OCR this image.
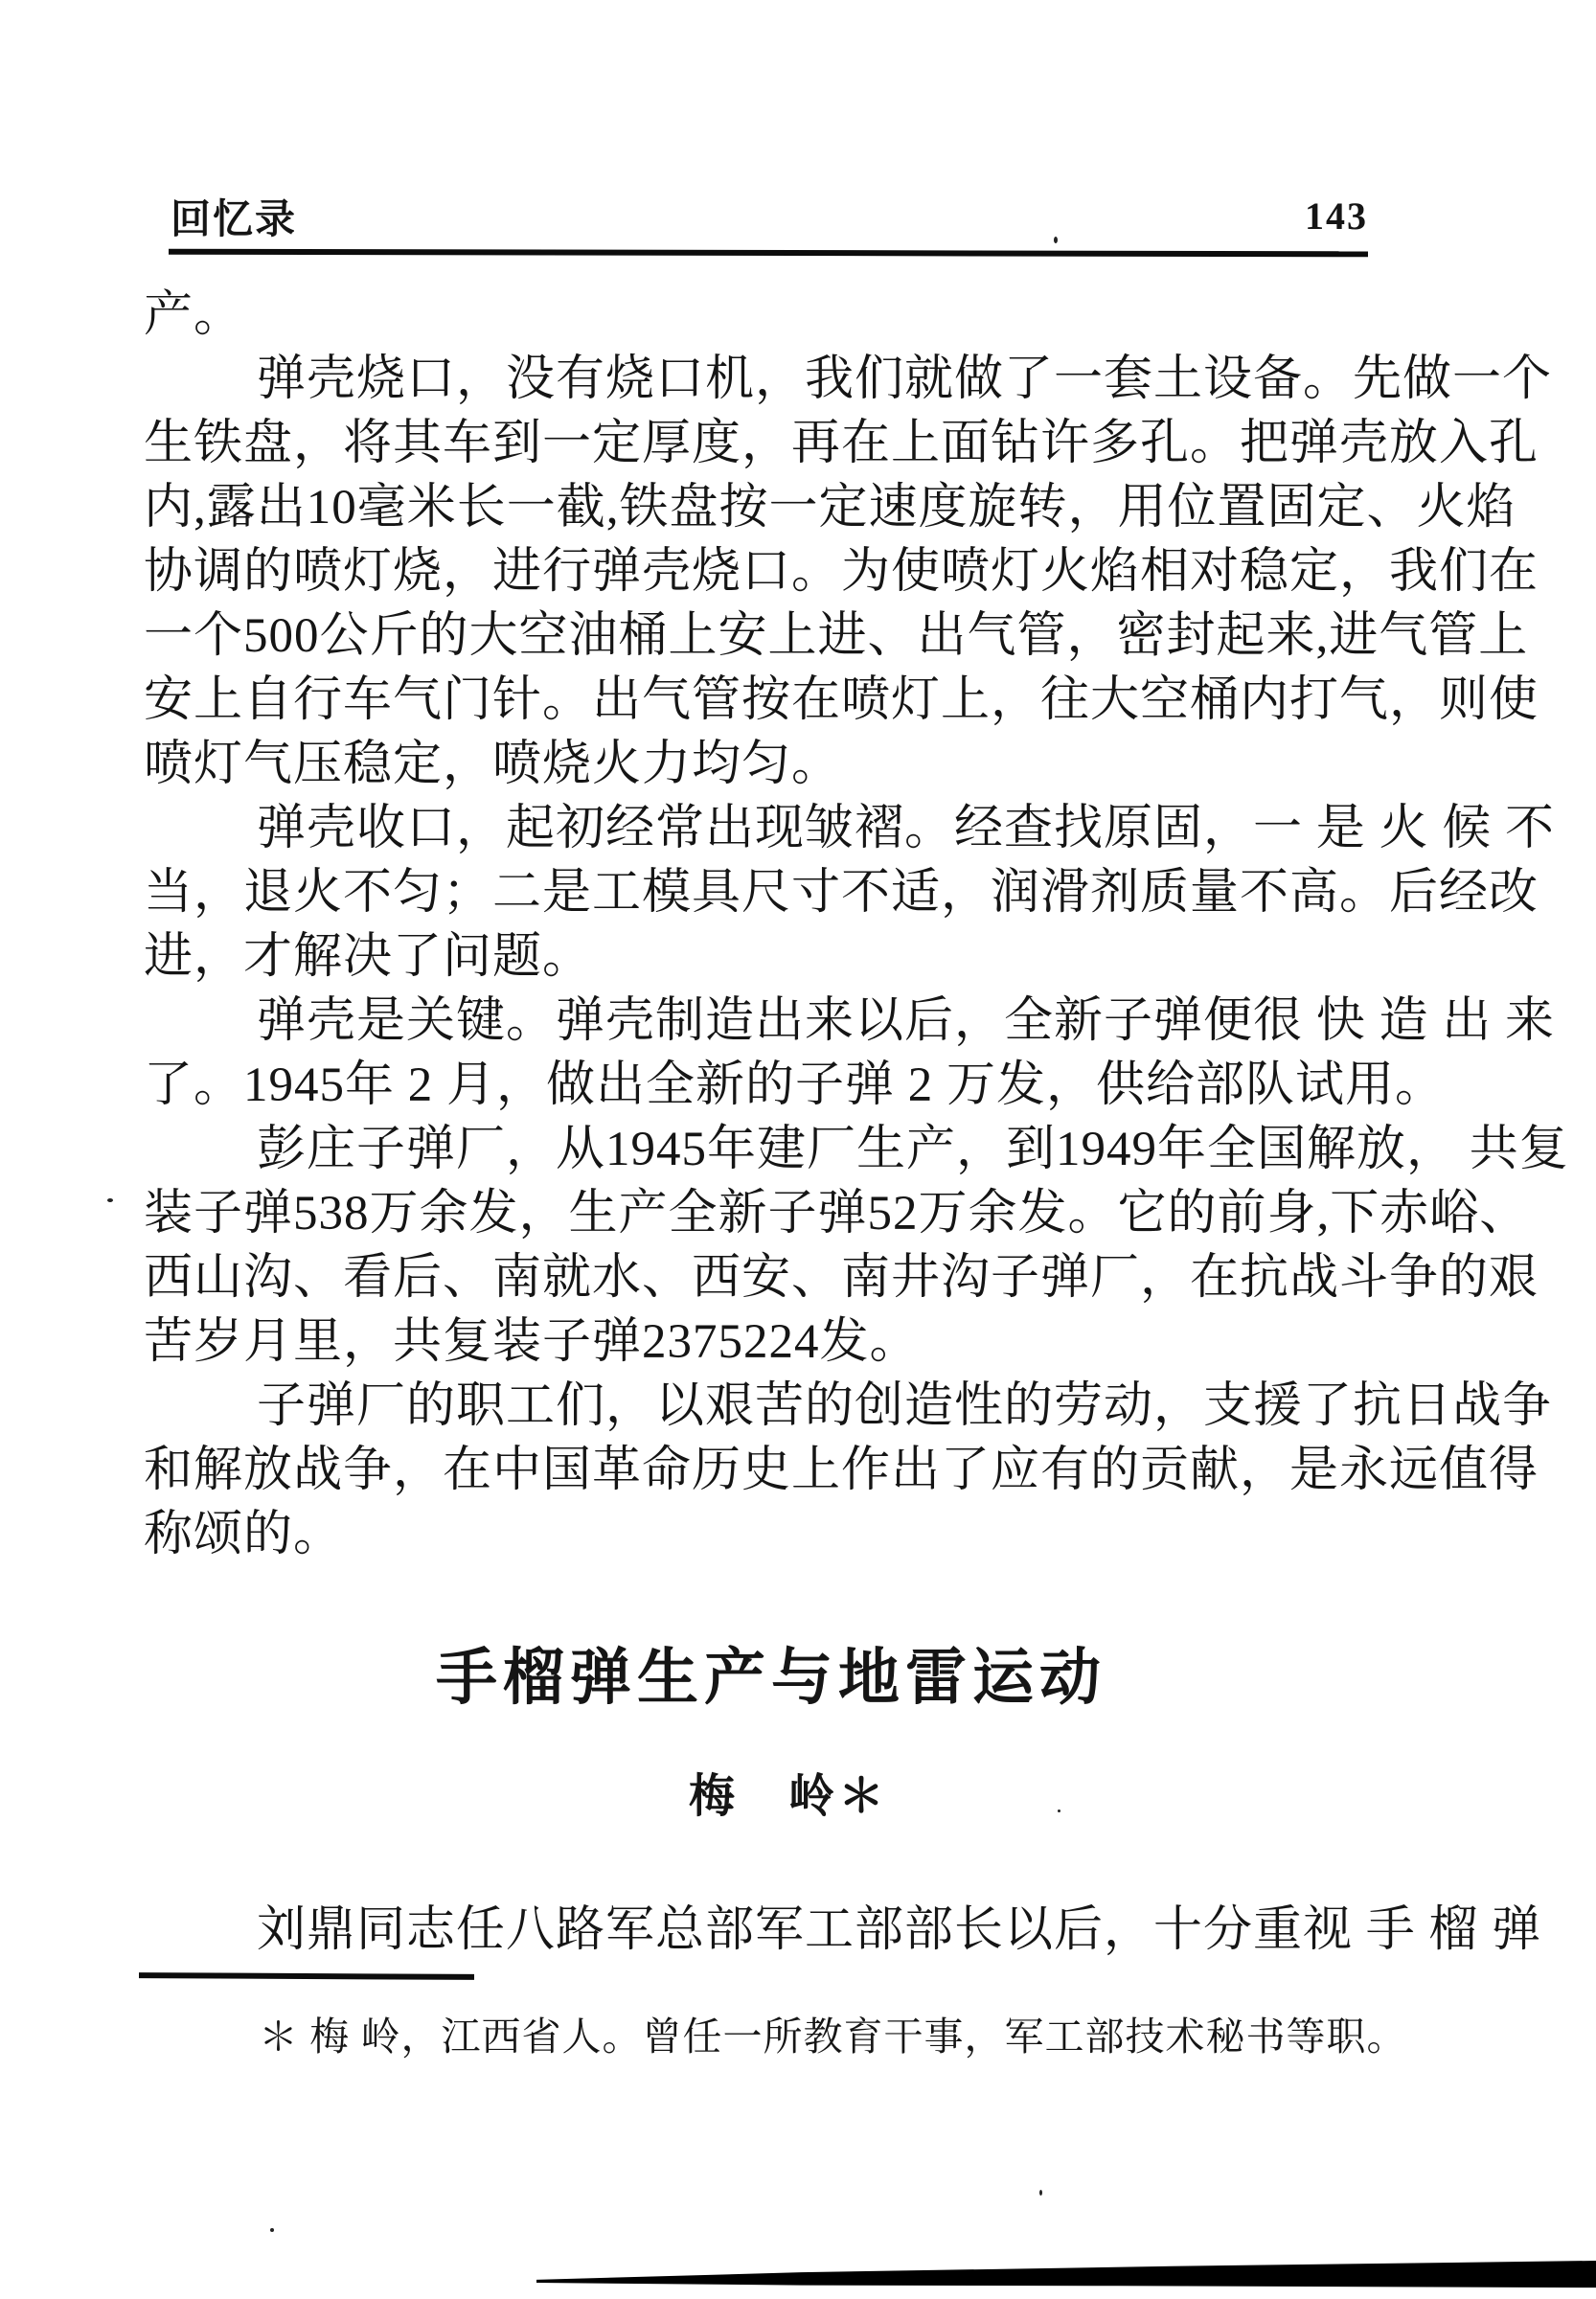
回忆录	143
产。
弹壳烧口，没有烧口机，我们就做了一套土设备。先做一个
生铁盘，将其车到一定厚度，再在上面钻许多孔。把弹壳放入孔
内,露出10毫米长一截,铁盘按一定速度旋转，用位置固定、火焰
协调的喷灯烧，进行弹壳烧口。为使喷灯火焰相对稳定，我们在
一个500公斤的大空油桶上安上进、出气管，密封起来,进气管上
安上自行车气门针。出气管按在喷灯上，往大空桶内打气，则使
喷灯气压稳定，喷烧火力均匀。
弹壳收口，起初经常出现皱褶。经查找原固，一 是 火 候 不
当，退火不匀；二是工模具尺寸不适，润滑剂质量不高。后经改
进，才解决了问题。
弹壳是关键。弹壳制造出来以后，全新子弹便很 快 造 出 来
了。1945年 2 月，做出全新的子弹 2 万发，供给部队试用。
彭庄子弹厂，从1945年建厂生产，到1949年全国解放， 共复
装子弹538万余发，生产全新子弹52万余发。它的前身,下赤峪、
西山沟、看后、南就水、西安、南井沟子弹厂，在抗战斗争的艰
苦岁月里，共复装子弹2375224发。
子弹厂的职工们，以艰苦的创造性的劳动，支援了抗日战争
和解放战争，在中国革命历史上作出了应有的贡献，是永远值得
称颂的。
手榴弹生产与地雷运动
梅　岭＊
刘鼎同志任八路军总部军工部部长以后，十分重视 手 榴 弹
＊ 梅 岭，江西省人。曾任一所教育干事，军工部技术秘书等职。
